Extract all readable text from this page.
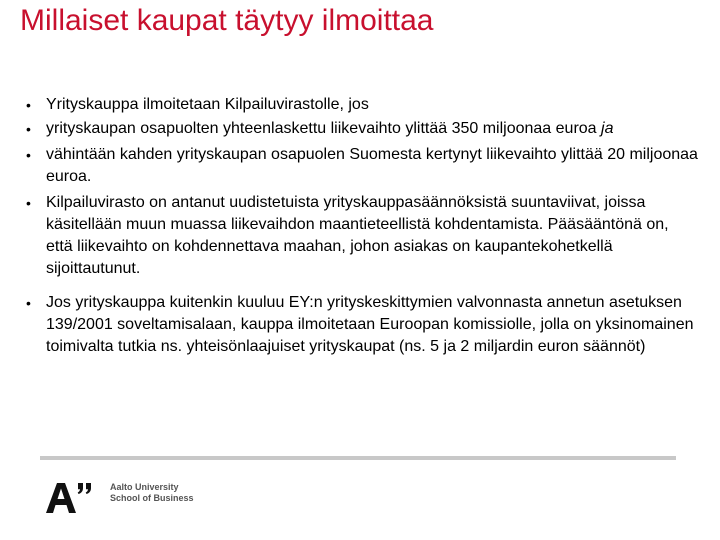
Millaiset kaupat täytyy ilmoittaa
• Yrityskauppa ilmoitetaan Kilpailuvirastolle, jos
• yrityskaupan osapuolten yhteenlaskettu liikevaihto ylittää 350 miljoonaa euroa ja
• vähintään kahden yrityskaupan osapuolen Suomesta kertynyt liikevaihto ylittää 20 miljoonaa euroa.
• Kilpailuvirasto on antanut uudistetuista yrityskauppasäännöksistä suuntaviivat, joissa käsitellään muun muassa liikevaihdon maantieteellistä kohdentamista. Pääsääntönä on, että liikevaihto on kohdennettava maahan, johon asiakas on kaupantekohetkellä sijoittautunut.
• Jos yrityskauppa kuitenkin kuuluu EY:n yrityskeskittymien valvonnasta annetun asetuksen 139/2001 soveltamisalaan, kauppa ilmoitetaan Euroopan komissiolle, jolla on yksinomainen toimivalta tutkia ns. yhteisönlaajuiset yrityskaupat (ns. 5 ja 2 miljardin euron säännöt)
Aalto University
School of Business
